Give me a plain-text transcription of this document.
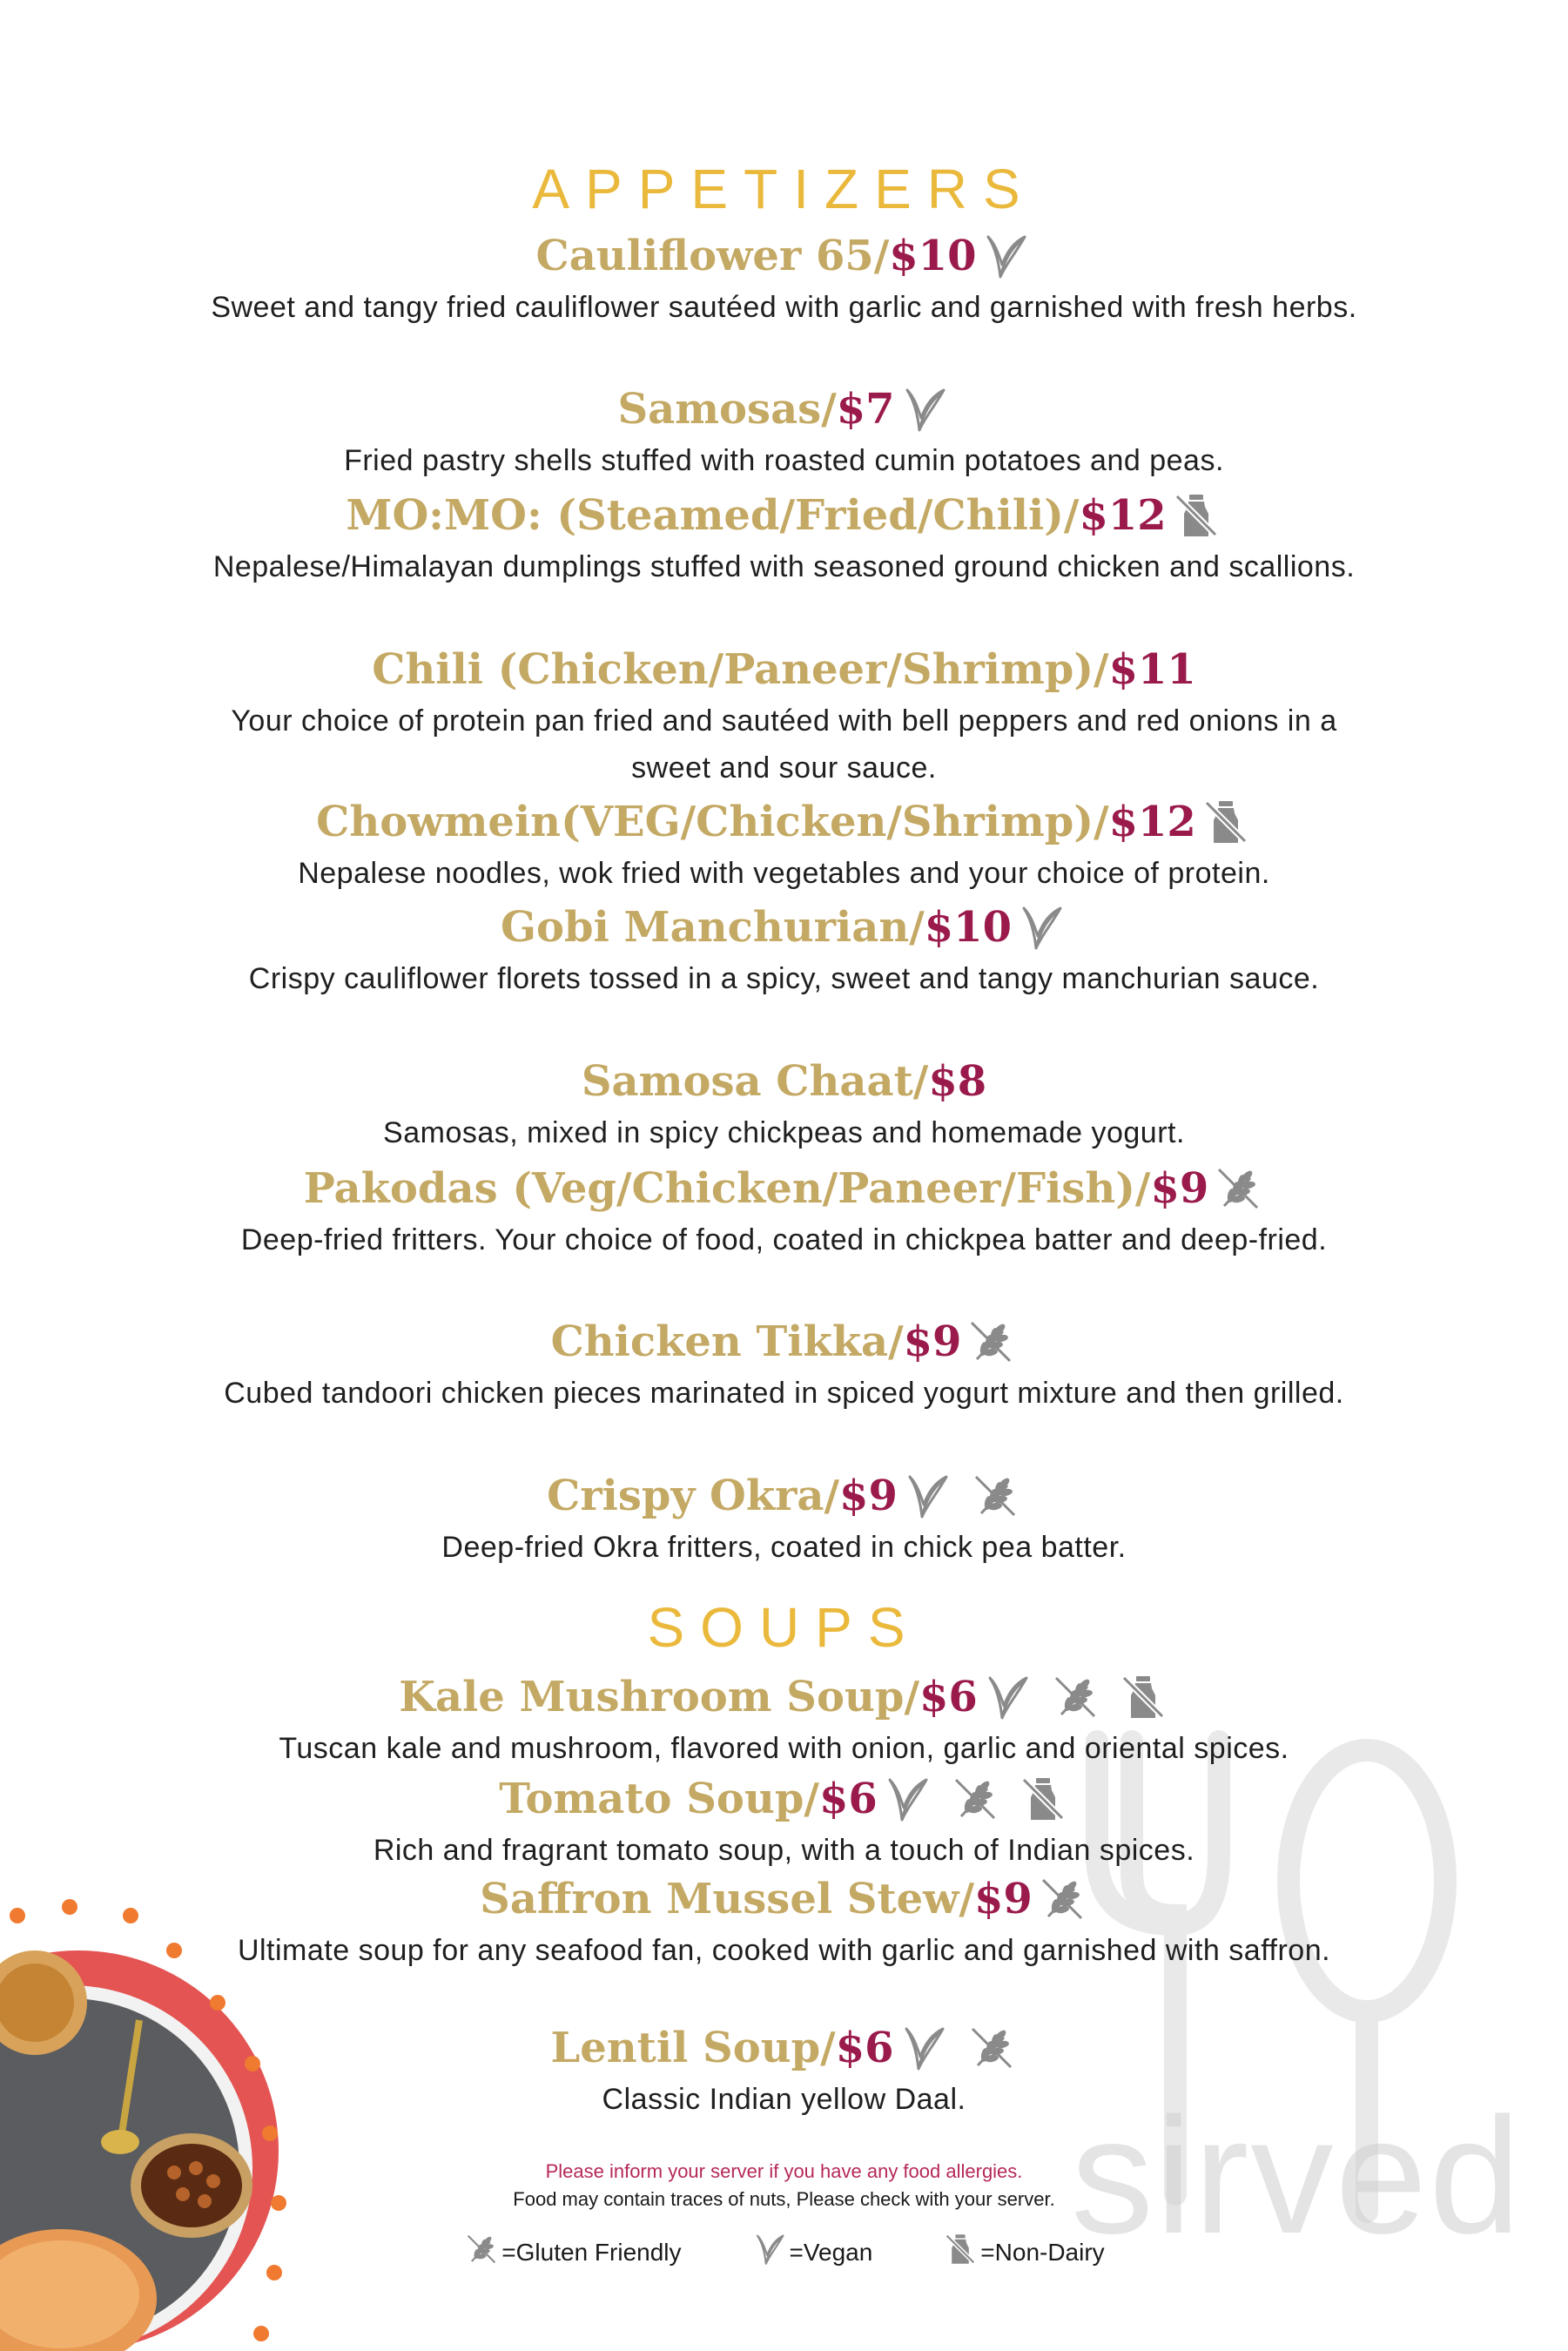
sirved
APPETIZERS
Cauliflower 65/ $10
Sweet and tangy fried cauliflower sautéed with garlic and garnished with fresh herbs.
Samosas/ $7
Fried pastry shells stuffed with roasted cumin potatoes and peas.
MO:MO: (Steamed/Fried/Chili)/ $12
Nepalese/Himalayan dumplings stuffed with seasoned ground chicken and scallions.
Chili (Chicken/Paneer/Shrimp)/ $11
Your choice of protein pan fried and sautéed with bell peppers and red onions in a sweet and sour sauce.
Chowmein(VEG/Chicken/Shrimp)/ $12
Nepalese noodles, wok fried with vegetables and your choice of protein.
Gobi Manchurian/ $10
Crispy cauliflower florets tossed in a spicy, sweet and tangy manchurian sauce.
Samosa Chaat/ $8
Samosas, mixed in spicy chickpeas and homemade yogurt.
Pakodas (Veg/Chicken/Paneer/Fish)/ $9
Deep-fried fritters. Your choice of food, coated in chickpea batter and deep-fried.
Chicken Tikka/ $9
Cubed tandoori chicken pieces marinated in spiced yogurt mixture and then grilled.
Crispy Okra/ $9
Deep-fried Okra fritters, coated in chick pea batter.
SOUPS
Kale Mushroom Soup/ $6
Tuscan kale and mushroom, flavored with onion, garlic and oriental spices.
Tomato Soup/ $6
Rich and fragrant tomato soup, with a touch of Indian spices.
Saffron Mussel Stew/ $9
Ultimate soup for any seafood fan, cooked with garlic and garnished with saffron.
Lentil Soup/ $6
Classic Indian yellow Daal.
Please inform your server if you have any food allergies.
Food may contain traces of nuts, Please check with your server.
=Gluten Friendly	=Vegan	=Non-Dairy
